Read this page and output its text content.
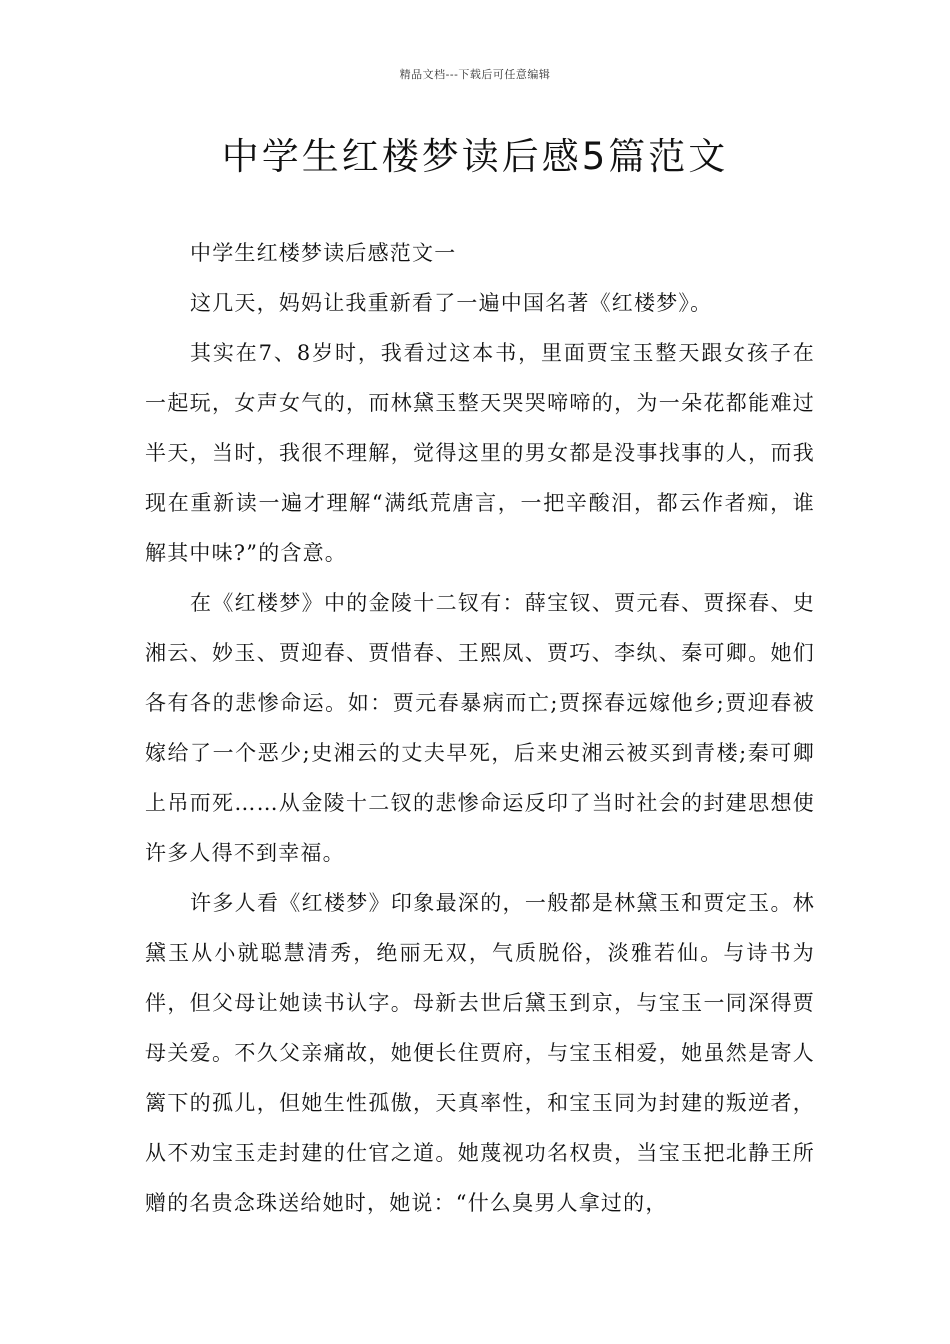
精品文档---下载后可任意编辑
中学生红楼梦读后感5篇范文

中学生红楼梦读后感范文一

这几天，妈妈让我重新看了一遍中国名著《红楼梦》。

其实在7、8岁时，我看过这本书，里面贾宝玉整天跟女孩子在一起玩，女声女气的，而林黛玉整天哭哭啼啼的，为一朵花都能难过半天，当时，我很不理解，觉得这里的男女都是没事找事的人，而我现在重新读一遍才理解“满纸荒唐言，一把辛酸泪，都云作者痴，谁解其中味?”的含意。

在《红楼梦》中的金陵十二钗有：薛宝钗、贾元春、贾探春、史湘云、妙玉、贾迎春、贾惜春、王熙凤、贾巧、李纨、秦可卿。她们各有各的悲惨命运。如：贾元春暴病而亡;贾探春远嫁他乡;贾迎春被嫁给了一个恶少;史湘云的丈夫早死，后来史湘云被买到青楼;秦可卿上吊而死……从金陵十二钗的悲惨命运反印了当时社会的封建思想使许多人得不到幸福。

许多人看《红楼梦》印象最深的，一般都是林黛玉和贾定玉。林黛玉从小就聪慧清秀，绝丽无双，气质脱俗，淡雅若仙。与诗书为伴，但父母让她读书认字。母新去世后黛玉到京，与宝玉一同深得贾母关爱。不久父亲痛故，她便长住贾府，与宝玉相爱，她虽然是寄人篱下的孤儿，但她生性孤傲，天真率性，和宝玉同为封建的叛逆者，从不劝宝玉走封建的仕官之道。她蔑视功名权贵，当宝玉把北静王所赠的名贵念珠送给她时，她说：“什么臭男人拿过的，
